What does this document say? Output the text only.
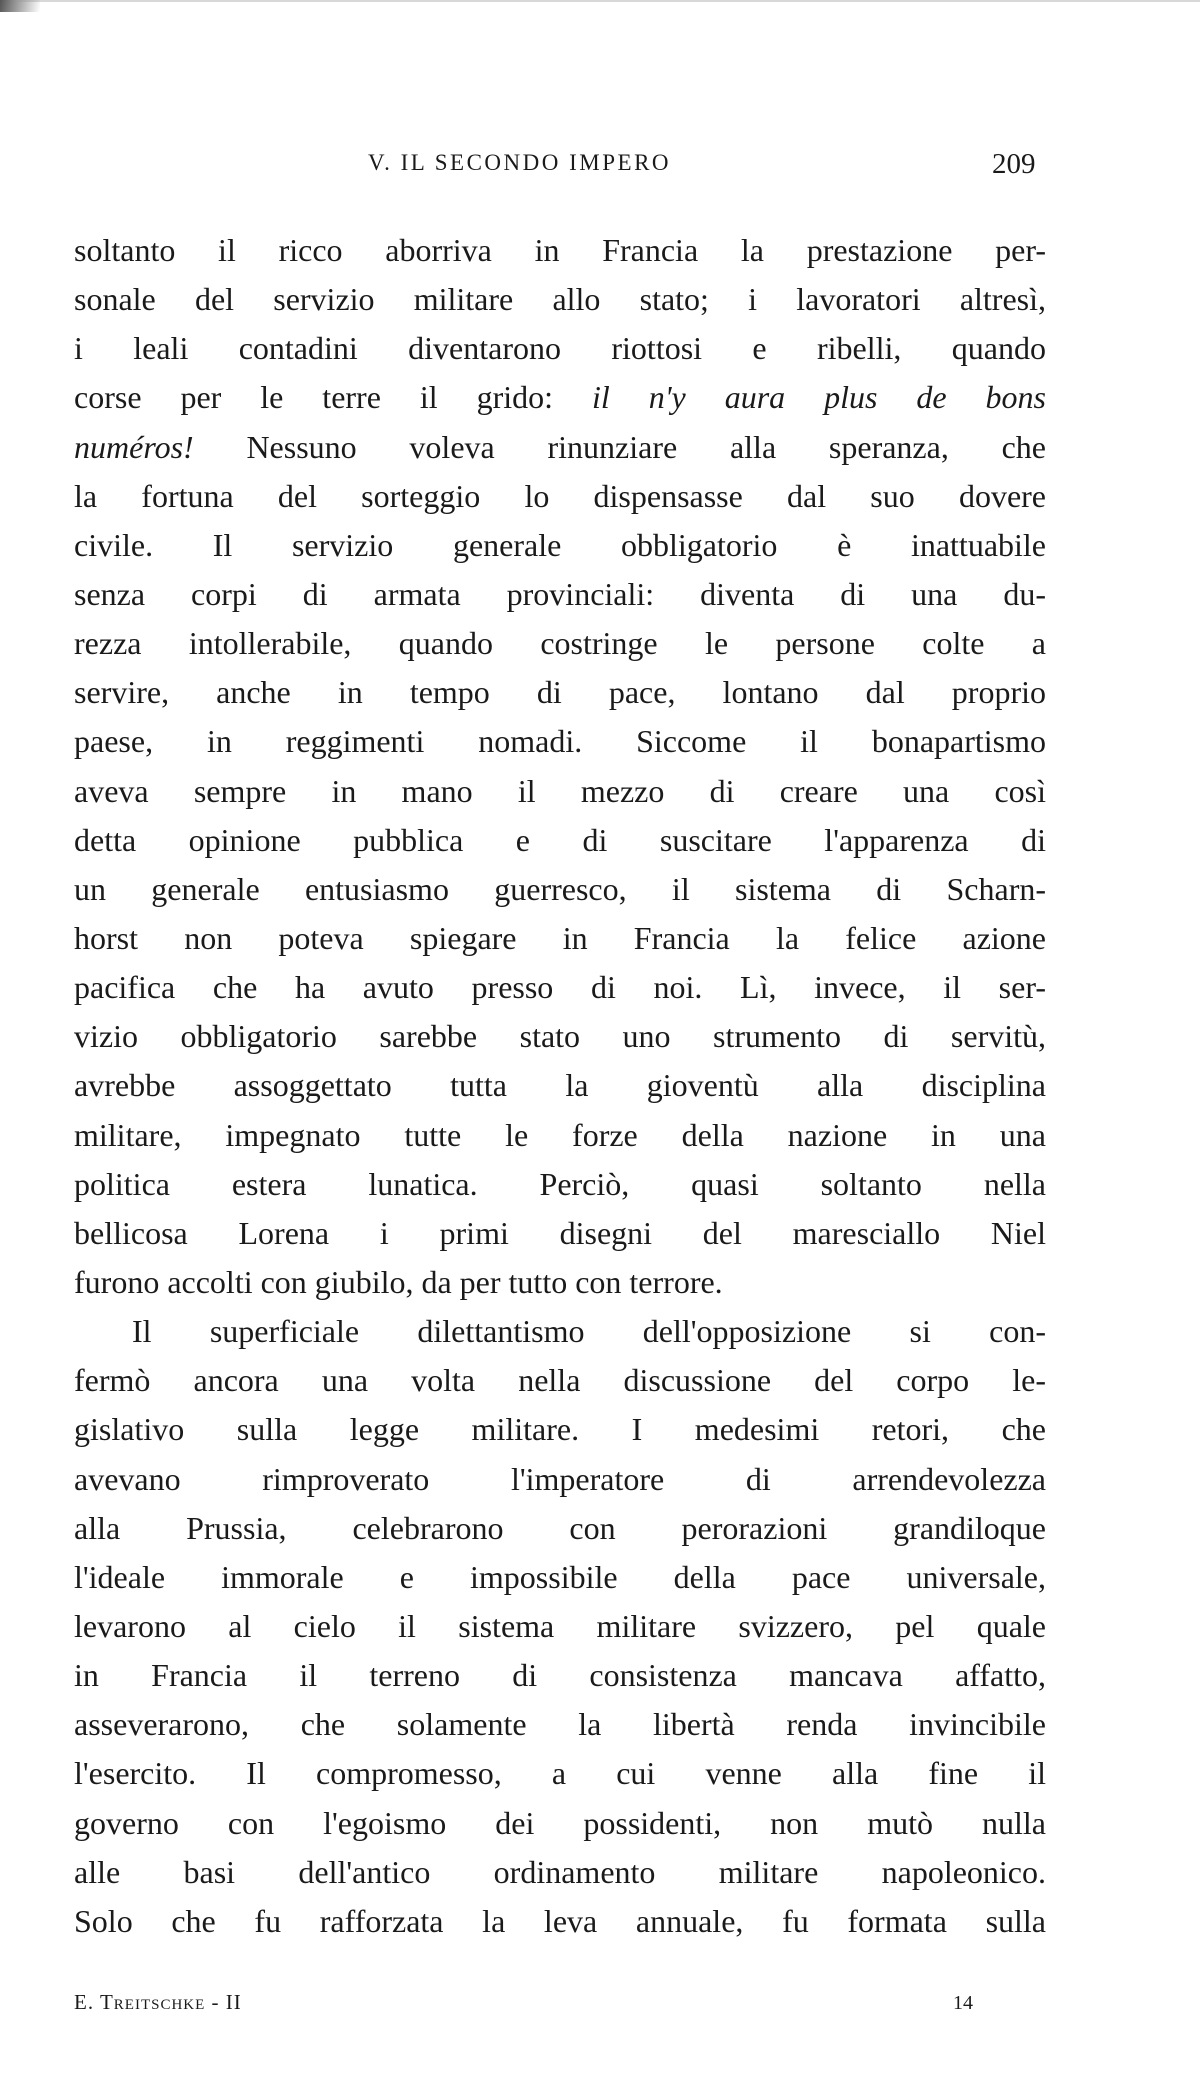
V. IL SECONDO IMPERO	209
soltanto il ricco aborriva in Francia la prestazione per-
sonale del servizio militare allo stato; i lavoratori altresì,
i leali contadini diventarono riottosi e ribelli, quando
corse per le terre il grido: il n'y aura plus de bons
numéros! Nessuno voleva rinunziare alla speranza, che
la fortuna del sorteggio lo dispensasse dal suo dovere
civile. Il servizio generale obbligatorio è inattuabile
senza corpi di armata provinciali: diventa di una du-
rezza intollerabile, quando costringe le persone colte a
servire, anche in tempo di pace, lontano dal proprio
paese, in reggimenti nomadi. Siccome il bonapartismo
aveva sempre in mano il mezzo di creare una così
detta opinione pubblica e di suscitare l'apparenza di
un generale entusiasmo guerresco, il sistema di Scharn-
horst non poteva spiegare in Francia la felice azione
pacifica che ha avuto presso di noi. Lì, invece, il ser-
vizio obbligatorio sarebbe stato uno strumento di servitù,
avrebbe assoggettato tutta la gioventù alla disciplina
militare, impegnato tutte le forze della nazione in una
politica estera lunatica. Perciò, quasi soltanto nella
bellicosa Lorena i primi disegni del maresciallo Niel
furono accolti con giubilo, da per tutto con terrore.
Il superficiale dilettantismo dell'opposizione si con-
fermò ancora una volta nella discussione del corpo le-
gislativo sulla legge militare. I medesimi retori, che
avevano rimproverato l'imperatore di arrendevolezza
alla Prussia, celebrarono con perorazioni grandiloque
l'ideale immorale e impossibile della pace universale,
levarono al cielo il sistema militare svizzero, pel quale
in Francia il terreno di consistenza mancava affatto,
asseverarono, che solamente la libertà renda invincibile
l'esercito. Il compromesso, a cui venne alla fine il
governo con l'egoismo dei possidenti, non mutò nulla
alle basi dell'antico ordinamento militare napoleonico.
Solo che fu rafforzata la leva annuale, fu formata sulla
E. Treitschke - II	14
